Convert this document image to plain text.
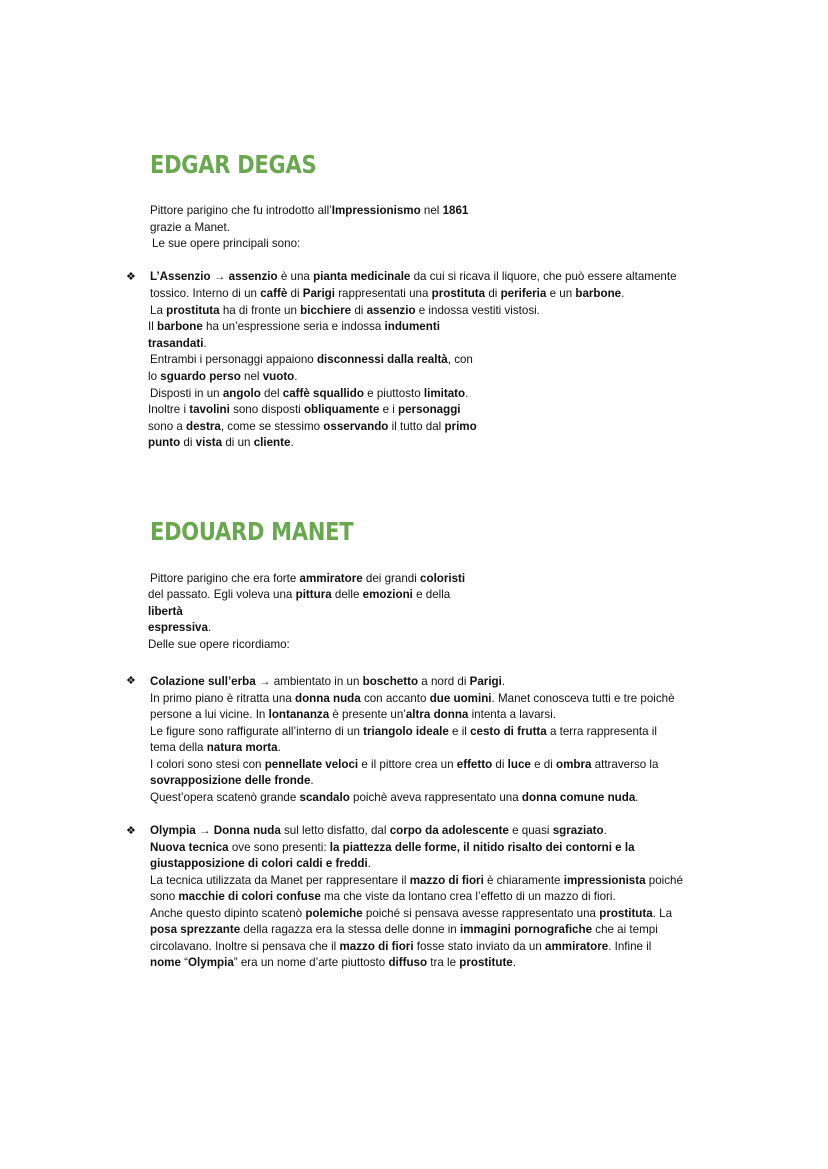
EDGAR DEGAS

Pittore parigino che fu introdotto all’Impressionismo nel 1861

grazie a Manet.

Le sue opere principali sono:

❖ L’Assenzio → assenzio è una pianta medicinale da cui si ricava il liquore, che può essere altamente

tossico. Interno di un caffè di Parigi rappresentati una prostituta di periferia e un barbone.

La prostituta ha di fronte un bicchiere di assenzio e indossa vestiti vistosi.

Il barbone ha un’espressione seria e indossa indumenti

trasandati.

Entrambi i personaggi appaiono disconnessi dalla realtà, con

lo sguardo perso nel vuoto.

Disposti in un angolo del caffè squallido e piuttosto limitato.

Inoltre i tavolini sono disposti obliquamente e i personaggi

sono a destra, come se stessimo osservando il tutto dal primo

punto di vista di un cliente.

EDOUARD MANET

Pittore parigino che era forte ammiratore dei grandi coloristi

del passato. Egli voleva una pittura delle emozioni e della

libertà

espressiva.

Delle sue opere ricordiamo:

❖ Colazione sull’erba → ambientato in un boschetto a nord di Parigi.

In primo piano è ritratta una donna nuda con accanto due uomini. Manet conosceva tutti e tre poichè

persone a lui vicine. In lontananza è presente un’altra donna intenta a lavarsi.

Le figure sono raffigurate all’interno di un triangolo ideale e il cesto di frutta a terra rappresenta il

tema della natura morta.

I colori sono stesi con pennellate veloci e il pittore crea un effetto di luce e di ombra attraverso la

sovrapposizione delle fronde.

Quest’opera scatenò grande scandalo poichè aveva rappresentato una donna comune nuda.

❖ Olympia → Donna nuda sul letto disfatto, dal corpo da adolescente e quasi sgraziato.

Nuova tecnica ove sono presenti: la piattezza delle forme, il nitido risalto dei contorni e la

giustapposizione di colori caldi e freddi.

La tecnica utilizzata da Manet per rappresentare il mazzo di fiori è chiaramente impressionista poiché

sono macchie di colori confuse ma che viste da lontano crea l’effetto di un mazzo di fiori.

Anche questo dipinto scatenò polemiche poiché si pensava avesse rappresentato una prostituta. La

posa sprezzante della ragazza era la stessa delle donne in immagini pornografiche che ai tempi

circolavano. Inoltre si pensava che il mazzo di fiori fosse stato inviato da un ammiratore. Infine il

nome “Olympia” era un nome d’arte piuttosto diffuso tra le prostitute.
